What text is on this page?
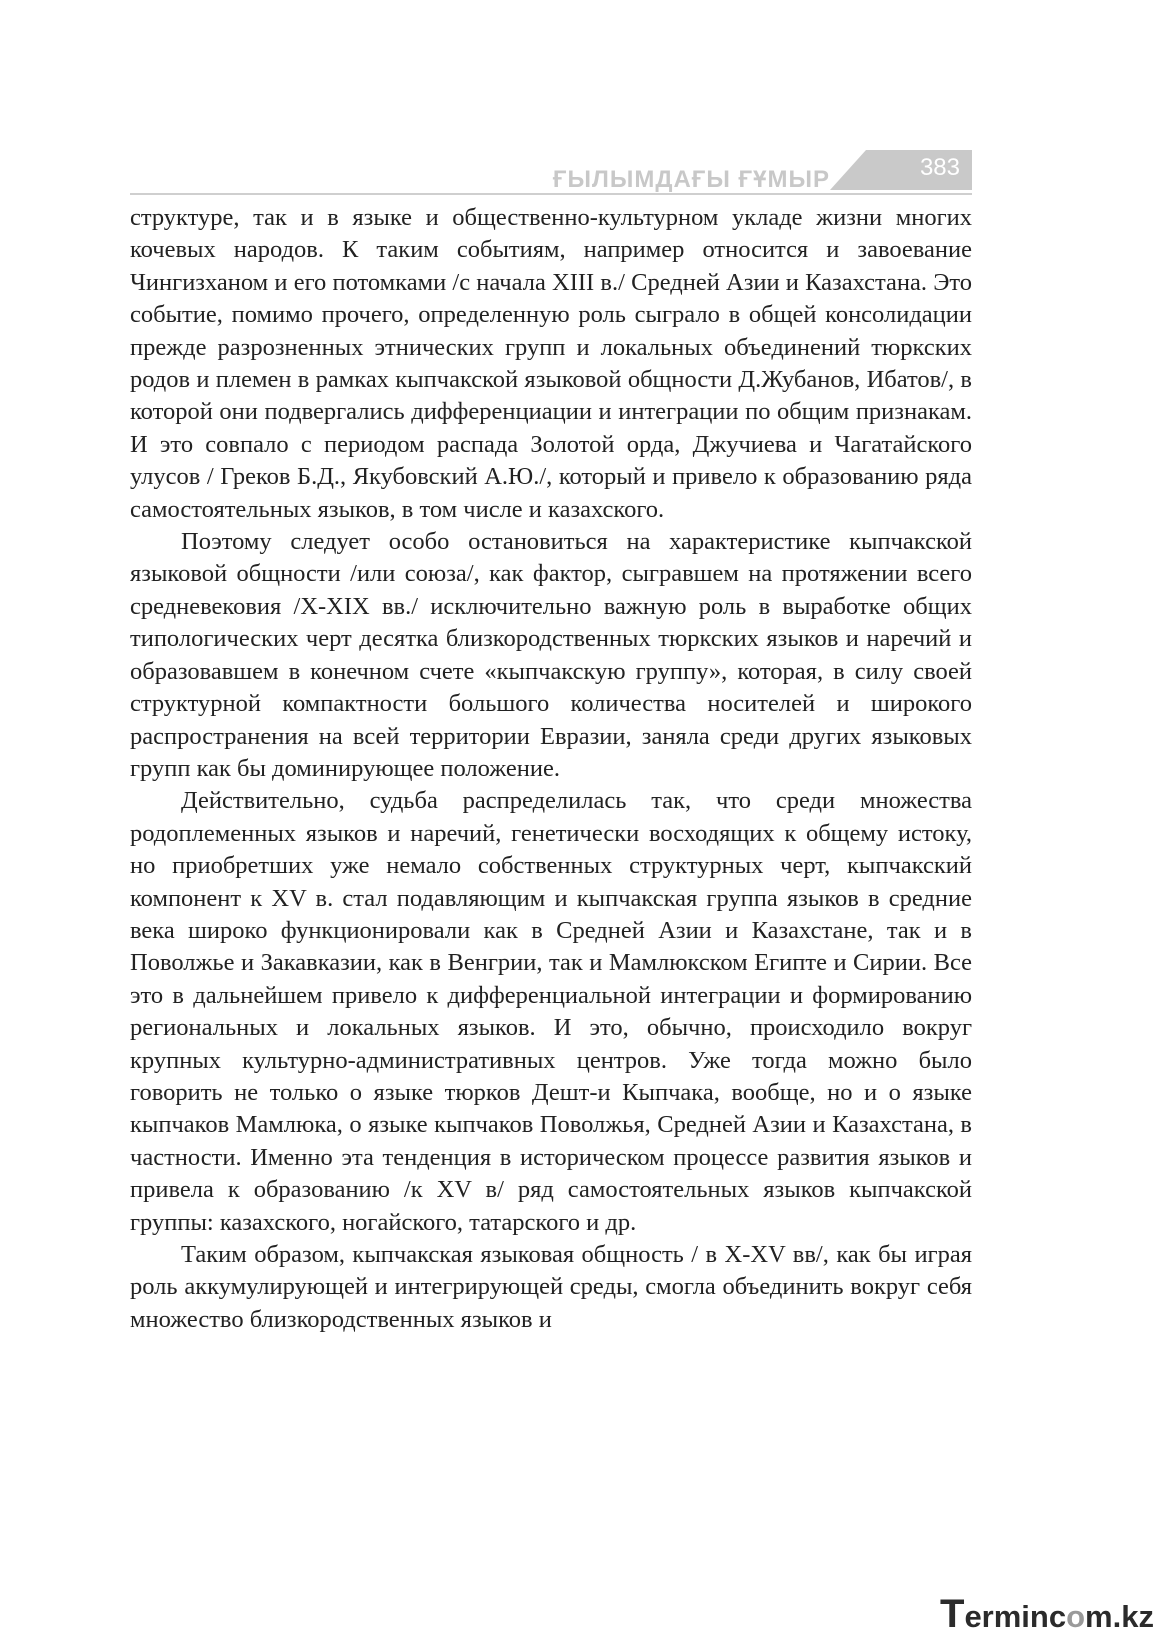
ҒЫЛЫМДАҒЫ ҒҰМЫР	383

структуре, так и в языке и общественно-культурном укладе жизни многих кочевых народов. К таким событиям, например относится и завоевание Чингизханом и его потомками /с начала XIII в./ Средней Азии и Казахстана. Это событие, помимо прочего, определенную роль сыграло в общей консолидации прежде разрозненных этнических групп и локальных объединений тюркских родов и племен в рамках кыпчакской языковой общности Д.Жубанов, Ибатов/, в которой они подвергались дифференциации и интеграции по общим признакам. И это совпало с периодом распада Золотой орда, Джучиева и Чагатайского улусов / Греков Б.Д., Якубовский А.Ю./, который и привело к образованию ряда самостоятельных языков, в том числе и казахского.

Поэтому следует особо остановиться на характеристике кыпчакской языковой общности /или союза/, как фактор, сыгравшем на протяжении всего средневековия /X-XIX вв./ исключительно важную роль в выработке общих типологических черт десятка близкородственных тюркских языков и наречий и образовавшем в конечном счете «кыпчакскую группу», которая, в силу своей структурной компактности большого количества носителей и широкого распространения на всей территории Евразии, заняла среди других языковых групп как бы доминирующее положение.

Действительно, судьба распределилась так, что среди множества родоплеменных языков и наречий, генетически восходящих к общему истоку, но приобретших уже немало собственных структурных черт, кыпчакский компонент к XV в. стал подавляющим и кыпчакская группа языков в средние века широко функционировали как в Средней Азии и Казахстане, так и в Поволжье и Закавказии, как в Венгрии, так и Мамлюкском Египте и Сирии. Все это в дальнейшем привело к дифференциальной интеграции и формированию региональных и локальных языков. И это, обычно, происходило вокруг крупных культурно-административных центров. Уже тогда можно было говорить не только о языке тюрков Дешт-и Кыпчака, вообще, но и о языке кыпчаков Мамлюка, о языке кыпчаков Поволжья, Средней Азии и Казахстана, в частности. Именно эта тенденция в историческом процессе развития языков и привела к образованию /к XV в/ ряд самостоятельных языков кыпчакской группы: казахского, ногайского, татарского и др.

Таким образом, кыпчакская языковая общность / в X-XV вв/, как бы играя роль аккумулирующей и интегрирующей среды, смогла объединить вокруг себя множество близкородственных языков и

Termincom.kz
